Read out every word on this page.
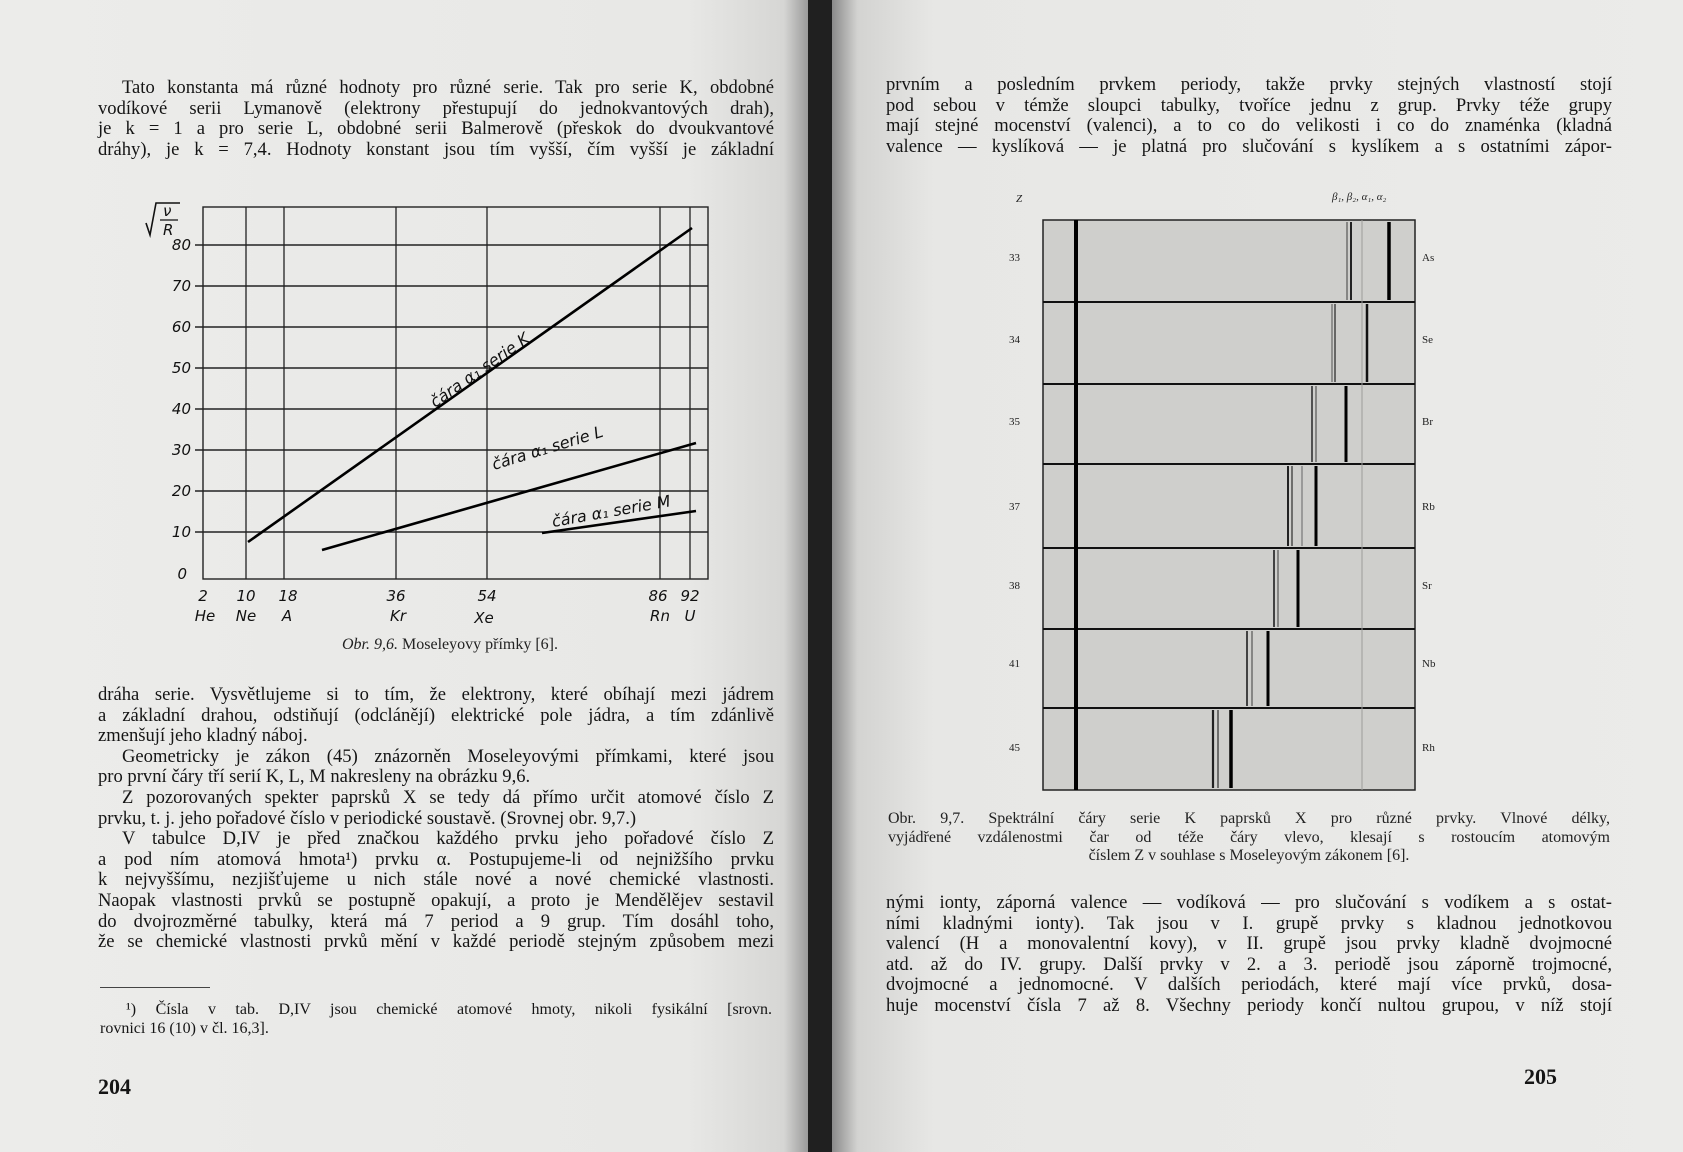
Tato konstanta má různé hodnoty pro různé serie. Tak pro serie K, obdobné
vodíkové serii Lymanově (elektrony přestupují do jednokvantových drah),
je k = 1 a pro serie L, obdobné serii Balmerově (přeskok do dvoukvantové
dráhy), je k = 7,4. Hodnoty konstant jsou tím vyšší, čím vyšší je základní
ν
R
80
70
60
50
40
30
20
10
0
2 10 18	36	54	86 92
He Ne A	Kr	Xe	Rn U
čára α₁ serie K
čára α₁ serie L
čára α₁ serie M
Obr. 9,6. Moseleyovy přímky [6].
dráha serie. Vysvětlujeme si to tím, že elektrony, které obíhají mezi jádrem
a základní drahou, odstiňují (odclánějí) elektrické pole jádra, a tím zdánlivě
zmenšují jeho kladný náboj.
Geometricky je zákon (45) znázorněn Moseleyovými přímkami, které jsou
pro první čáry tří serií K, L, M nakresleny na obrázku 9,6.
Z pozorovaných spekter paprsků X se tedy dá přímo určit atomové číslo Z
prvku, t. j. jeho pořadové číslo v periodické soustavě. (Srovnej obr. 9,7.)
V tabulce D,IV je před značkou každého prvku jeho pořadové číslo Z
a pod ním atomová hmota¹) prvku α. Postupujeme-li od nejnižšího prvku
k nejvyššímu, nezjišťujeme u nich stále nové a nové chemické vlastnosti.
Naopak vlastnosti prvků se postupně opakují, a proto je Mendělějev sestavil
do dvojrozměrné tabulky, která má 7 period a 9 grup. Tím dosáhl toho,
že se chemické vlastnosti prvků mění v každé periodě stejným způsobem mezi
¹) Čísla v tab. D,IV jsou chemické atomové hmoty, nikoli fysikální [srovn.
rovnici 16 (10) v čl. 16,3].
204
prvním a posledním prvkem periody, takže prvky stejných vlastností stojí
pod sebou v témže sloupci tabulky, tvoříce jednu z grup. Prvky téže grupy
mají stejné mocenství (valenci), a to co do velikosti i co do znaménka (kladná
valence — kyslíková — je platná pro slučování s kyslíkem a s ostatními zápor-
Z	β₁, β₂, α₁, α₂
33
34
35
37
38
41
45
As
Se
Br
Rb
Sr
Nb
Rh
Obr. 9,7. Spektrální čáry serie K paprsků X pro různé prvky. Vlnové délky,
vyjádřené vzdálenostmi čar od téže čáry vlevo, klesají s rostoucím atomovým
číslem Z v souhlase s Moseleyovým zákonem [6].
nými ionty, záporná valence — vodíková — pro slučování s vodíkem a s ostat-
ními kladnými ionty). Tak jsou v I. grupě prvky s kladnou jednotkovou
valencí (H a monovalentní kovy), v II. grupě jsou prvky kladně dvojmocné
atd. až do IV. grupy. Další prvky v 2. a 3. periodě jsou záporně trojmocné,
dvojmocné a jednomocné. V dalších periodách, které mají více prvků, dosa-
huje mocenství čísla 7 až 8. Všechny periody končí nultou grupou, v níž stojí
205
